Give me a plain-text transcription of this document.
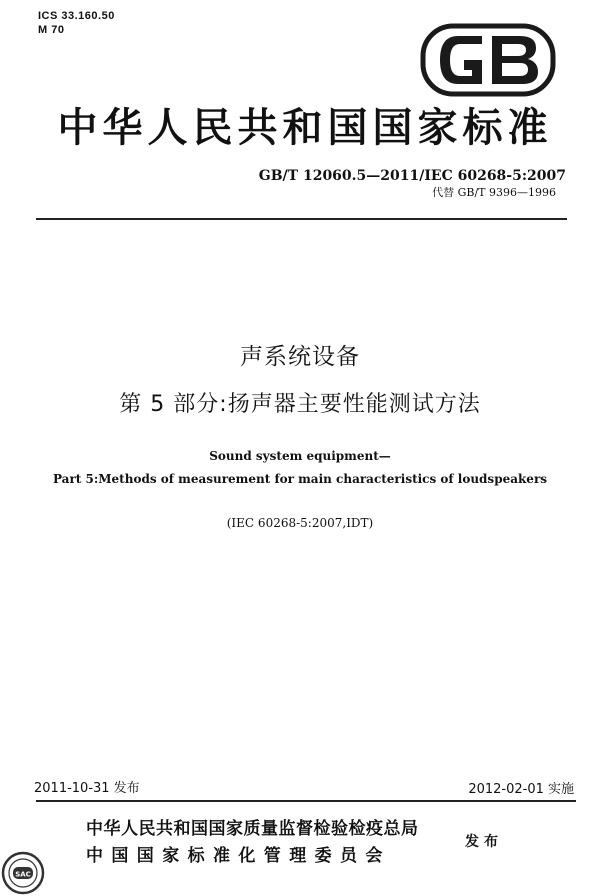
ICS 33.160.50
M 70
GB
中华人民共和国国家标准
GB/T 12060.5—2011/IEC 60268-5:2007
代替 GB/T 9396—1996
声系统设备
第 5 部分:扬声器主要性能测试方法
Sound system equipment—
Part 5:Methods of measurement for main characteristics of loudspeakers
(IEC 60268-5:2007,IDT)
2011-10-31 发布	2012-02-01 实施
中华人民共和国国家质量监督检验检疫总局
中国国家标准化管理委员会
发布
SAC
